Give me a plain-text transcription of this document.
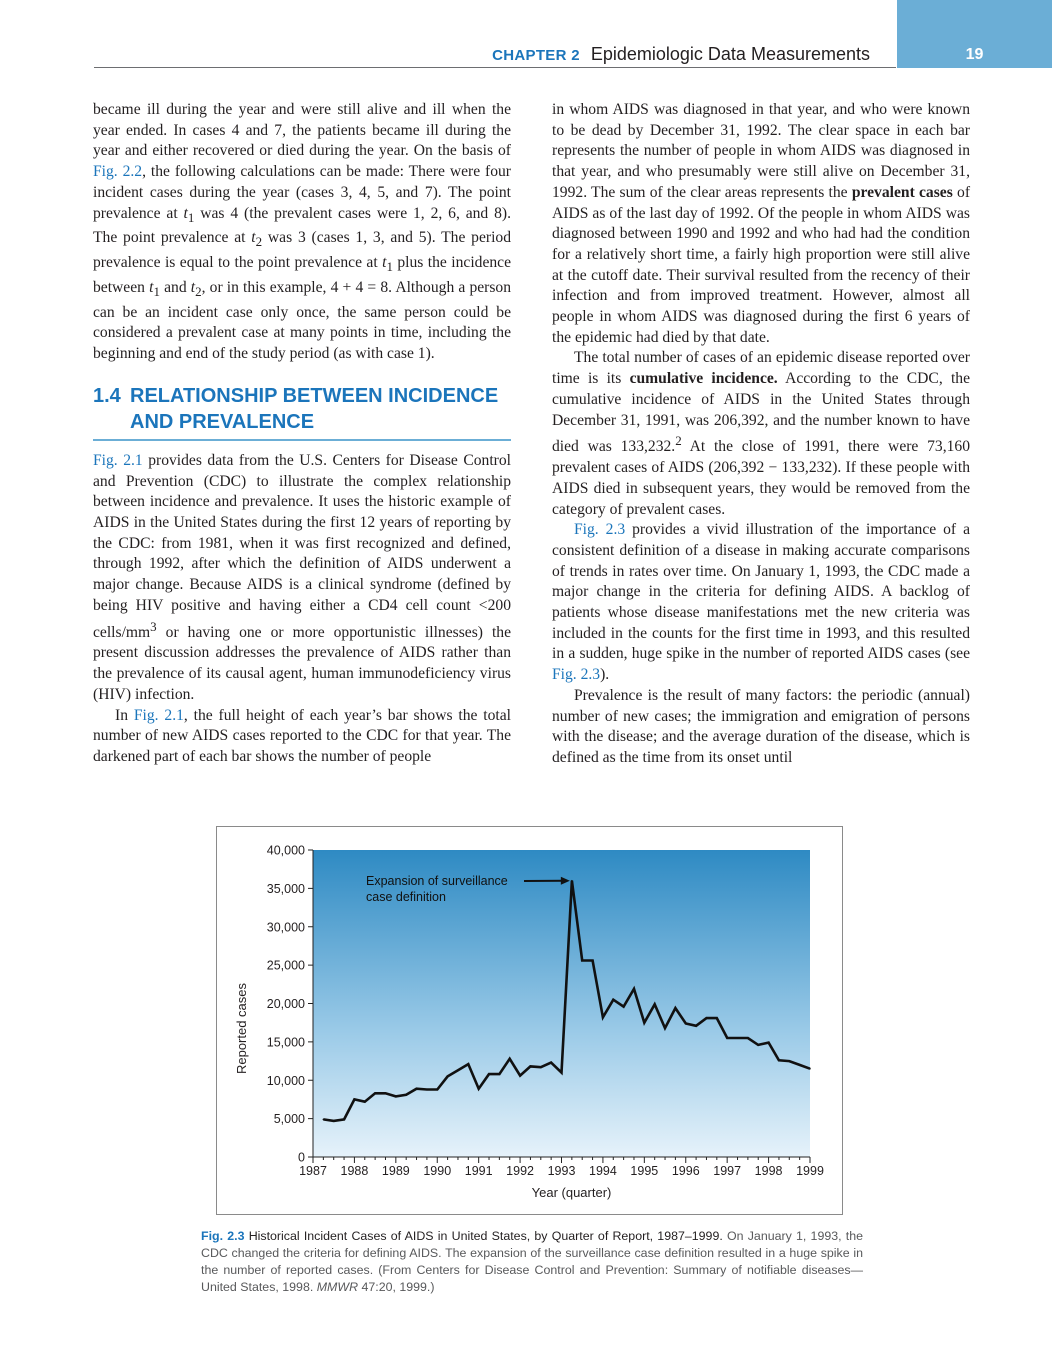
CHAPTER 2 Epidemiologic Data Measurements	19

became ill during the year and were still alive and ill when the year ended. In cases 4 and 7, the patients became ill during the year and either recovered or died during the year. On the basis of Fig. 2.2, the following calculations can be made: There were four incident cases during the year (cases 3, 4, 5, and 7). The point prevalence at $t_1$ was 4 (the prevalent cases were 1, 2, 6, and 8). The point prevalence at $t_2$ was 3 (cases 1, 3, and 5). The period prevalence is equal to the point prevalence at $t_1$ plus the incidence between $t_1$ and $t_2$, or in this example, 4 + 4 = 8. Although a person can be an incident case only once, the same person could be considered a prevalent case at many points in time, including the beginning and end of the study period (as with case 1).

1.4 RELATIONSHIP BETWEEN INCIDENCE
AND PREVALENCE

Fig. 2.1 provides data from the U.S. Centers for Disease Control and Prevention (CDC) to illustrate the complex relationship between incidence and prevalence. It uses the historic example of AIDS in the United States during the first 12 years of reporting by the CDC: from 1981, when it was first recognized and defined, through 1992, after which the definition of AIDS underwent a major change. Because AIDS is a clinical syndrome (defined by being HIV positive and having either a CD4 cell count <200 cells/$mm^3$ or having one or more opportunistic illnesses) the present discussion addresses the prevalence of AIDS rather than the prevalence of its causal agent, human immunodeficiency virus (HIV) infection.

In Fig. 2.1, the full height of each year’s bar shows the total number of new AIDS cases reported to the CDC for that year. The darkened part of each bar shows the number of people

in whom AIDS was diagnosed in that year, and who were known to be dead by December 31, 1992. The clear space in each bar represents the number of people in whom AIDS was diagnosed in that year, and who presumably were still alive on December 31, 1992. The sum of the clear areas represents the prevalent cases of AIDS as of the last day of 1992. Of the people in whom AIDS was diagnosed between 1990 and 1992 and who had had the condition for a relatively short time, a fairly high proportion were still alive at the cutoff date. Their survival resulted from the recency of their infection and from improved treatment. However, almost all people in whom AIDS was diagnosed during the first 6 years of the epidemic had died by that date.

The total number of cases of an epidemic disease reported over time is its cumulative incidence. According to the CDC, the cumulative incidence of AIDS in the United States through December 31, 1991, was 206,392, and the number known to have died was 133,232.$^2$ At the close of 1991, there were 73,160 prevalent cases of AIDS (206,392 − 133,232). If these people with AIDS died in subsequent years, they would be removed from the category of prevalent cases.

Fig. 2.3 provides a vivid illustration of the importance of a consistent definition of a disease in making accurate comparisons of trends in rates over time. On January 1, 1993, the CDC made a major change in the criteria for defining AIDS. A backlog of patients whose disease manifestations met the new criteria was included in the counts for the first time in 1993, and this resulted in a sudden, huge spike in the number of reported AIDS cases (see Fig. 2.3).

Prevalence is the result of many factors: the periodic (annual) number of new cases; the immigration and emigration of persons with the disease; and the average duration of the disease, which is defined as the time from its onset until

0
5,000
10,000
15,000
20,000
25,000
30,000
35,000
40,000
1987 1988 1989 1990 1991 1992 1993 1994 1995 1996 1997 1998 1999
Year (quarter)
Reported cases
Expansion of surveillance
case definition
Fig. 2.3 Historical Incident Cases of AIDS in United States, by Quarter of Report, 1987–1999. On January 1, 1993, the CDC changed the criteria for defining AIDS. The expansion of the surveillance case definition resulted in a huge spike in the number of reported cases. (From Centers for Disease Control and Prevention: Summary of notifiable diseases—United States, 1998. MMWR 47:20, 1999.)
